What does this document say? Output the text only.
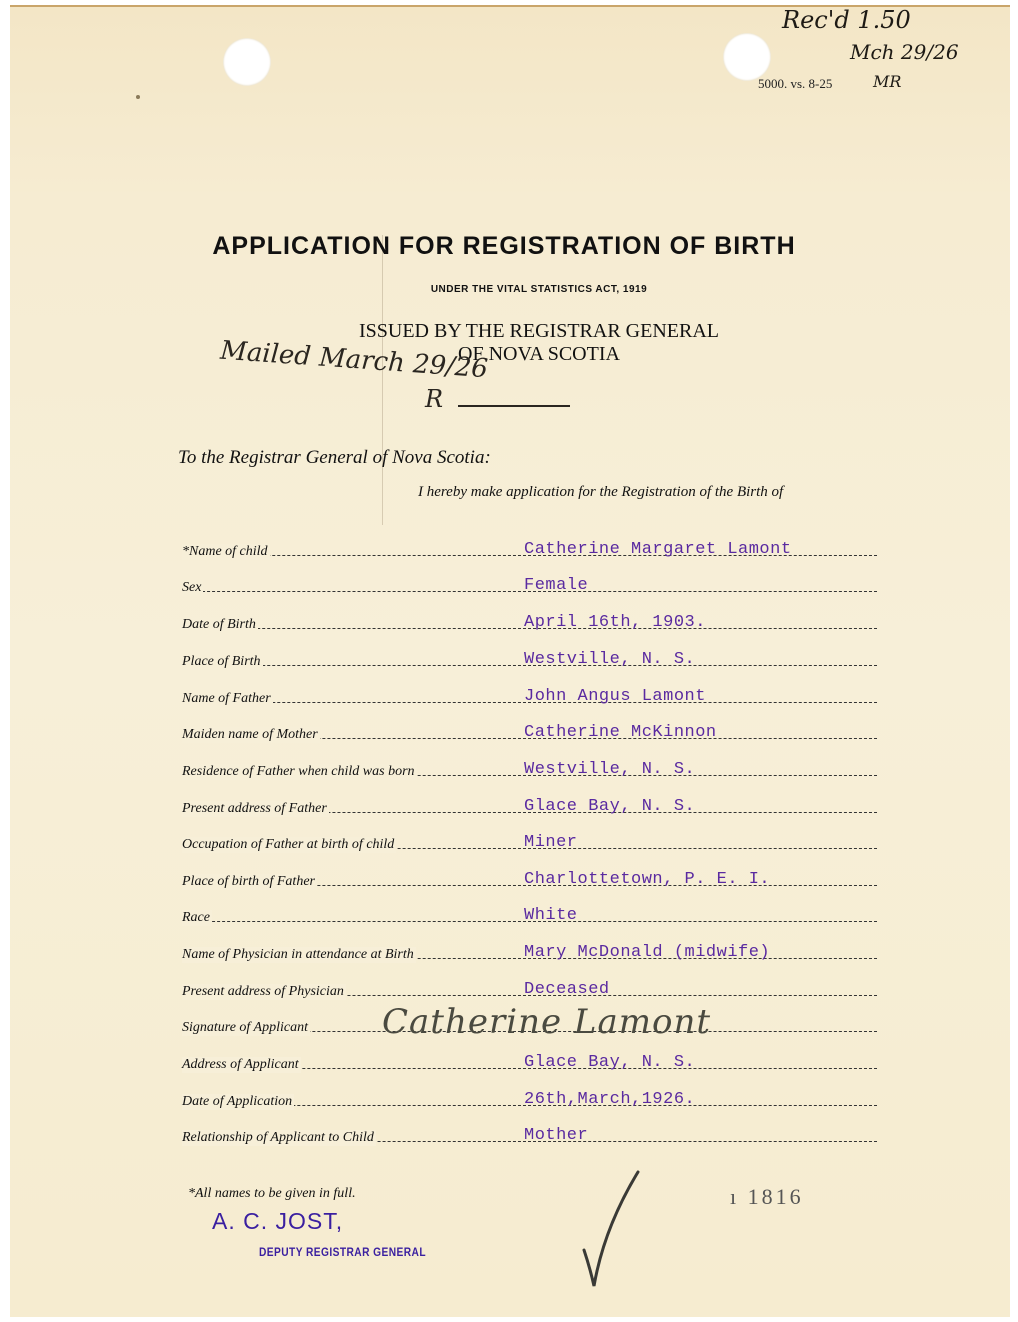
Rec'd 1.50
Mch 29/26
MR
5000. vs. 8-25
APPLICATION FOR REGISTRATION OF BIRTH
UNDER THE VITAL STATISTICS ACT, 1919
ISSUED BY THE REGISTRAR GENERAL
OF NOVA SCOTIA
Mailed March 29/26
R
To the Registrar General of Nova Scotia:
I hereby make application for the Registration of the Birth of
*Name of child	Catherine Margaret Lamont
Sex	Female
Date of Birth	April 16th, 1903.
Place of Birth	Westville, N. S.
Name of Father	John Angus Lamont
Maiden name of Mother	Catherine McKinnon
Residence of Father when child was born	Westville, N. S.
Present address of Father	Glace Bay, N. S.
Occupation of Father at birth of child	Miner
Place of birth of Father	Charlottetown, P. E. I.
Race	White
Name of Physician in attendance at Birth	Mary McDonald (midwife)
Present address of Physician	Deceased
Signature of Applicant Catherine Lamont
Address of Applicant	Glace Bay, N. S.
Date of Application	26th,March,1926.
Relationship of Applicant to Child	Mother
*All names to be given in full.
A. C. JOST,
DEPUTY REGISTRAR GENERAL
ı 1816
